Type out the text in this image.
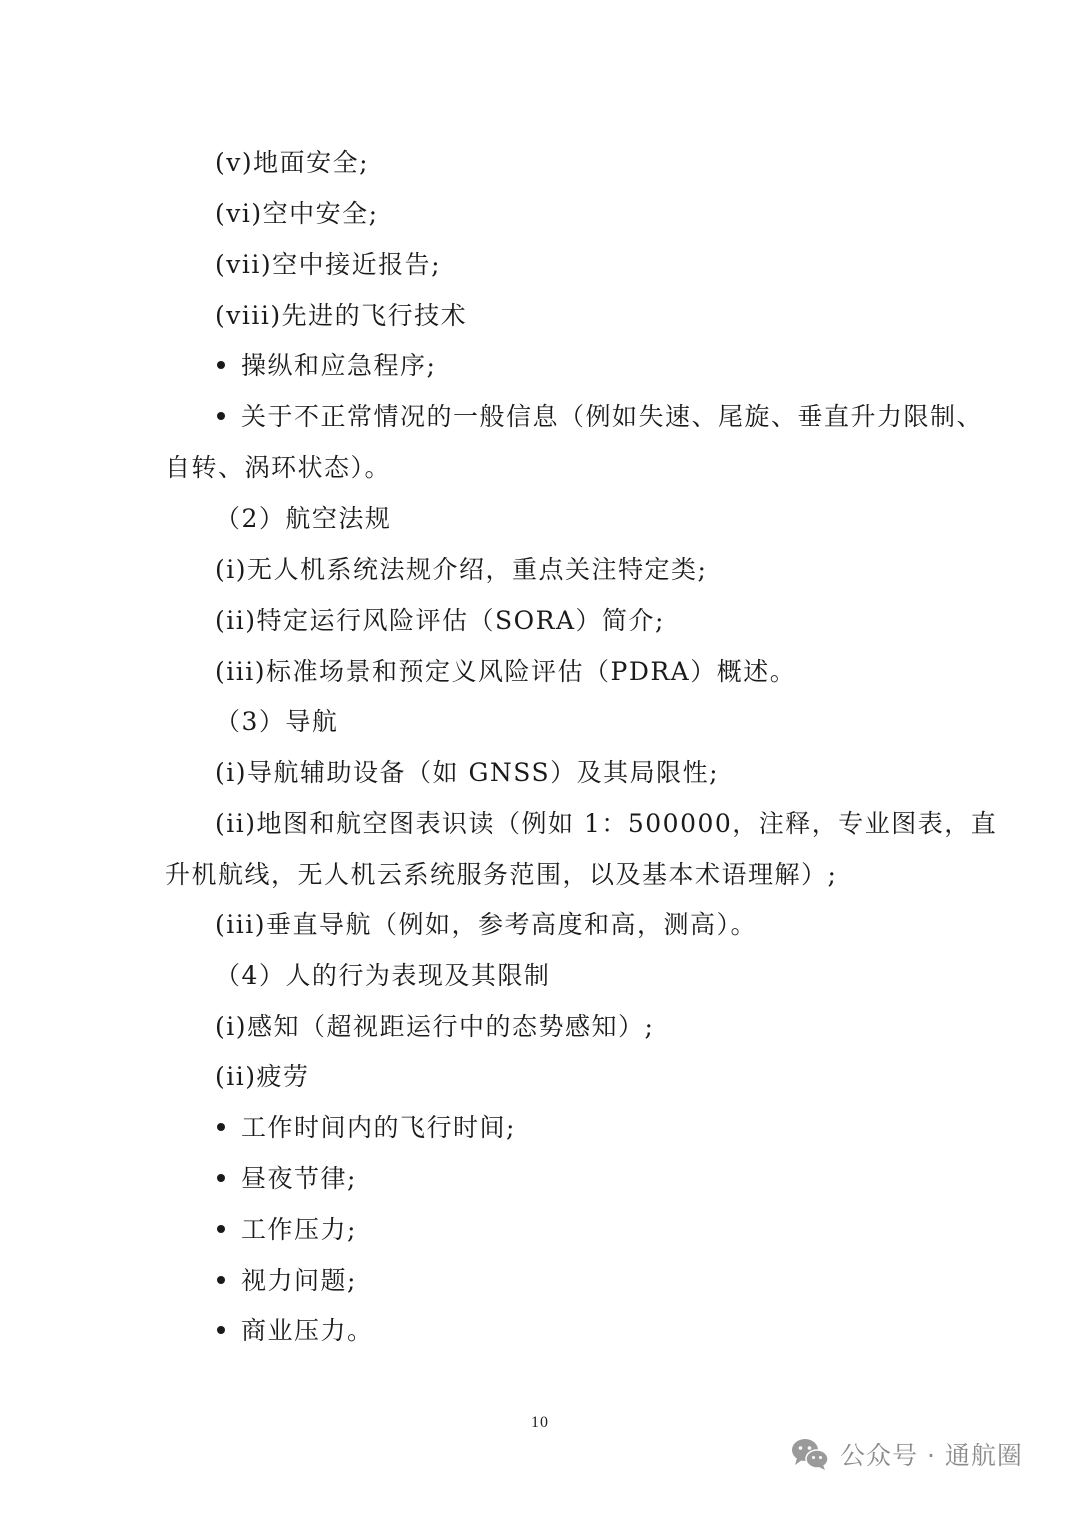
(v)地面安全;
(vi)空中安全;
(vii)空中接近报告;
(viii)先进的飞行技术
操纵和应急程序;
关于不正常情况的一般信息（例如失速、尾旋、垂直升力限制、
自转、涡环状态）。
（2）航空法规
(i)无人机系统法规介绍，重点关注特定类;
(ii)特定运行风险评估（SORA）简介;
(iii)标准场景和预定义风险评估（PDRA）概述。
（3）导航
(i)导航辅助设备（如 GNSS）及其局限性;
(ii)地图和航空图表识读（例如 1：500000，注释，专业图表，直
升机航线，无人机云系统服务范围，以及基本术语理解）;
(iii)垂直导航（例如，参考高度和高，测高）。
（4）人的行为表现及其限制
(i)感知（超视距运行中的态势感知）;
(ii)疲劳
工作时间内的飞行时间;
昼夜节律;
工作压力;
视力问题;
商业压力。
10
公众号 · 通航圈
